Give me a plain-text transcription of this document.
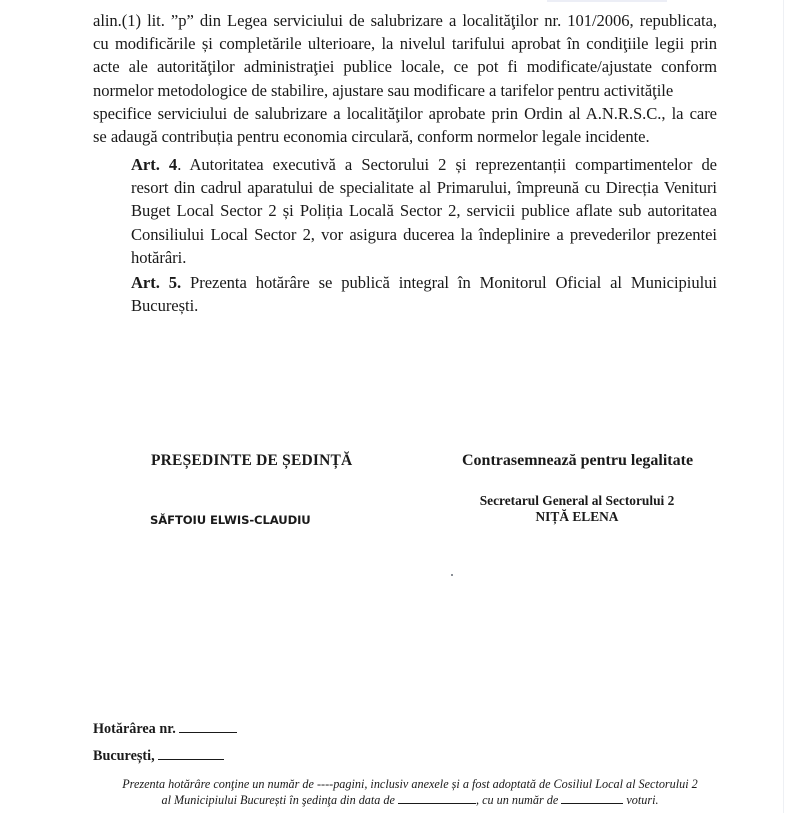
alin.(1) lit. ”p” din Legea serviciului de salubrizare a localităţilor nr. 101/2006, republicata,
cu modificările și completările ulterioare, la nivelul tarifului aprobat în condiţiile legii prin
acte ale autorităţilor administraţiei publice locale, ce pot fi modificate/ajustate conform
normelor metodologice de stabilire, ajustare sau modificare a tarifelor pentru activităţile
specifice serviciului de salubrizare a localităţilor aprobate prin Ordin al A.N.R.S.C., la care
se adaugă contribuția pentru economia circulară, conform normelor legale incidente.
Art. 4. Autoritatea executivă a Sectorului 2 și reprezentanții compartimentelor de
resort din cadrul aparatului de specialitate al Primarului, împreună cu Direcția Venituri
Buget Local Sector 2 și Poliția Locală Sector 2, servicii publice aflate sub autoritatea
Consiliului Local Sector 2, vor asigura ducerea la îndeplinire a prevederilor prezentei
hotărâri.
Art. 5. Prezenta hotărâre se publică integral în Monitorul Oficial al Municipiului
București.
PREȘEDINTE DE ȘEDINȚĂ
SĂFTOIU ELWIS-CLAUDIU
Contrasemnează pentru legalitate
Secretarul General al Sectorului 2
NIȚĂ ELENA
Hotărârea nr.
București,
Prezenta hotărâre conţine un număr de ----pagini, inclusiv anexele și a fost adoptată de Cosiliul Local al Sectorului 2
al Municipiului București în şedinţa din data de	, cu un număr de	voturi.
